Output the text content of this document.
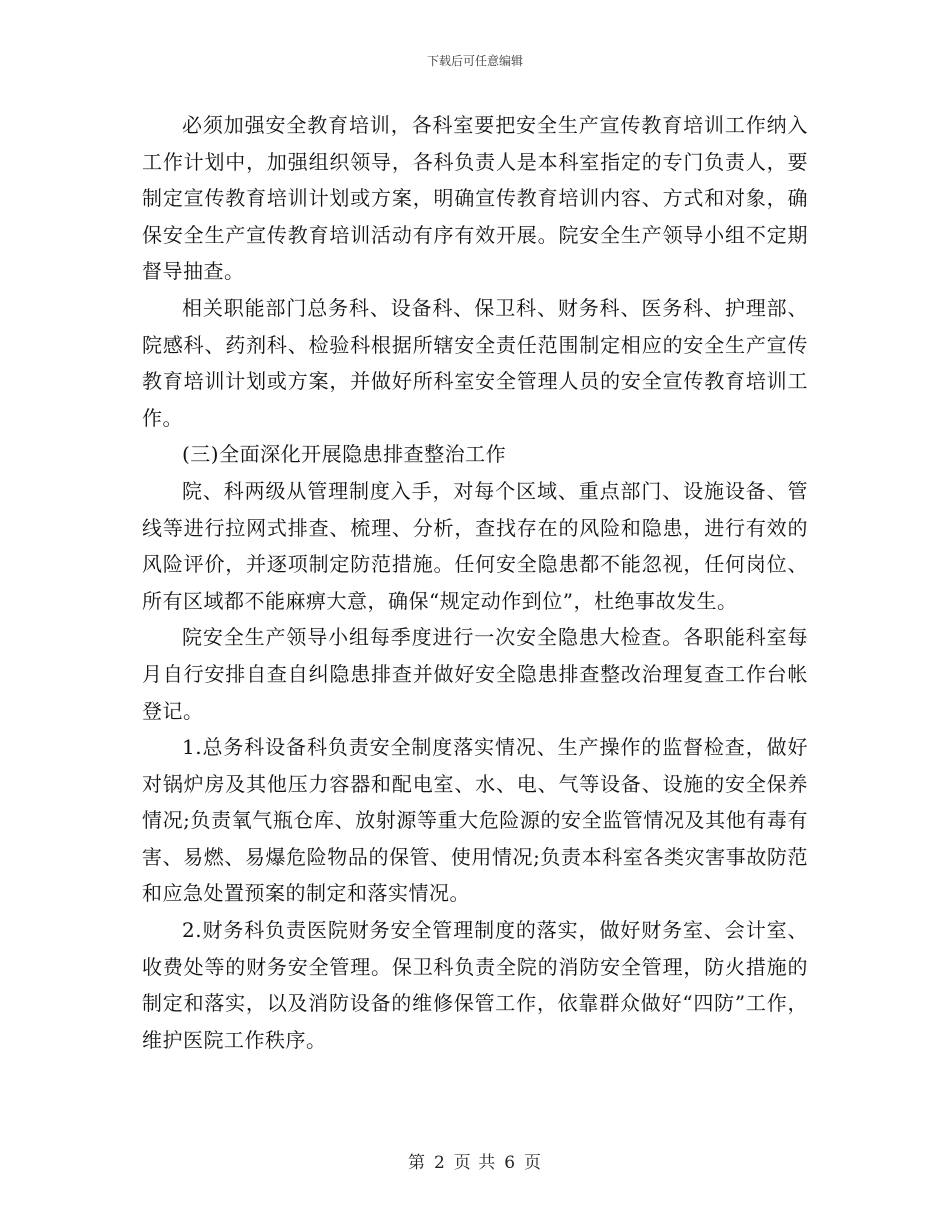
下载后可任意编辑

必须加强安全教育培训，各科室要把安全生产宣传教育培训工作纳入工作计划中，加强组织领导，各科负责人是本科室指定的专门负责人，要制定宣传教育培训计划或方案，明确宣传教育培训内容、方式和对象，确保安全生产宣传教育培训活动有序有效开展。院安全生产领导小组不定期督导抽查。

相关职能部门总务科、设备科、保卫科、财务科、医务科、护理部、院感科、药剂科、检验科根据所辖安全责任范围制定相应的安全生产宣传教育培训计划或方案，并做好所科室安全管理人员的安全宣传教育培训工作。

(三)全面深化开展隐患排查整治工作

院、科两级从管理制度入手，对每个区域、重点部门、设施设备、管线等进行拉网式排查、梳理、分析，查找存在的风险和隐患，进行有效的风险评价，并逐项制定防范措施。任何安全隐患都不能忽视，任何岗位、所有区域都不能麻痹大意，确保“规定动作到位”，杜绝事故发生。

院安全生产领导小组每季度进行一次安全隐患大检查。各职能科室每月自行安排自查自纠隐患排查并做好安全隐患排查整改治理复查工作台帐登记。

1.总务科设备科负责安全制度落实情况、生产操作的监督检查，做好对锅炉房及其他压力容器和配电室、水、电、气等设备、设施的安全保养情况;负责氧气瓶仓库、放射源等重大危险源的安全监管情况及其他有毒有害、易燃、易爆危险物品的保管、使用情况;负责本科室各类灾害事故防范和应急处置预案的制定和落实情况。

2.财务科负责医院财务安全管理制度的落实，做好财务室、会计室、收费处等的财务安全管理。保卫科负责全院的消防安全管理，防火措施的制定和落实，以及消防设备的维修保管工作，依靠群众做好“四防”工作，维护医院工作秩序。

第 2 页 共 6 页
